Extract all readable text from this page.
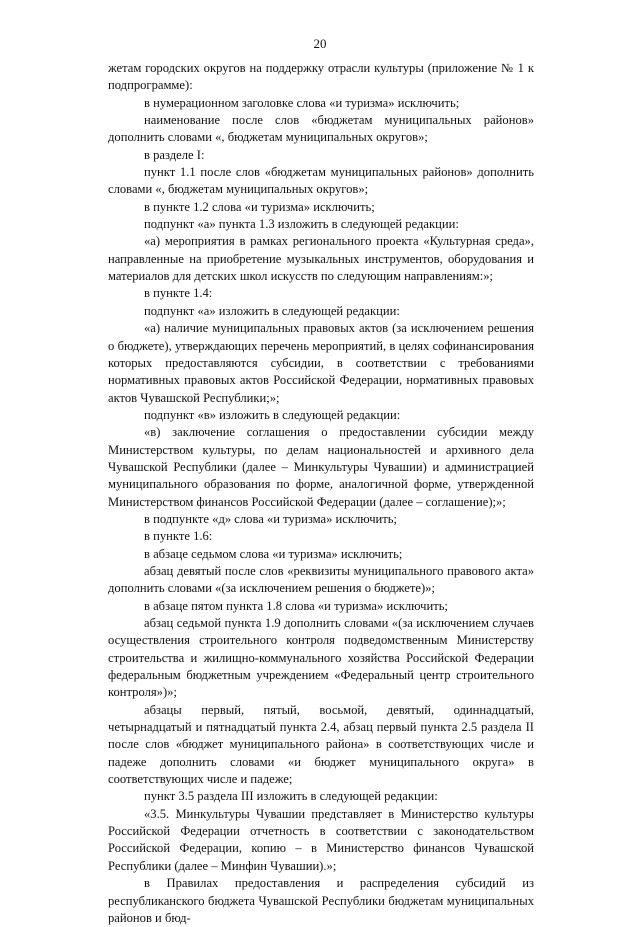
20

жетам городских округов на поддержку отрасли культуры (приложение № 1 к подпрограмме):

в нумерационном заголовке слова «и туризма» исключить;

наименование после слов «бюджетам муниципальных районов» дополнить словами «, бюджетам муниципальных округов»;

в разделе I:

пункт 1.1 после слов «бюджетам муниципальных районов» дополнить словами «, бюджетам муниципальных округов»;

в пункте 1.2 слова «и туризма» исключить;

подпункт «а» пункта 1.3 изложить в следующей редакции:

«а) мероприятия в рамках регионального проекта «Культурная среда», направленные на приобретение музыкальных инструментов, оборудования и материалов для детских школ искусств по следующим направлениям:»;

в пункте 1.4:

подпункт «а» изложить в следующей редакции:

«а) наличие муниципальных правовых актов (за исключением решения о бюджете), утверждающих перечень мероприятий, в целях софинансирования которых предоставляются субсидии, в соответствии с требованиями нормативных правовых актов Российской Федерации, нормативных правовых актов Чувашской Республики;»;

подпункт «в» изложить в следующей редакции:

«в) заключение соглашения о предоставлении субсидии между Министерством культуры, по делам национальностей и архивного дела Чувашской Республики (далее – Минкультуры Чувашии) и администрацией муниципального образования по форме, аналогичной форме, утвержденной Министерством финансов Российской Федерации (далее – соглашение);»;

в подпункте «д» слова «и туризма» исключить;

в пункте 1.6:

в абзаце седьмом слова «и туризма» исключить;

абзац девятый после слов «реквизиты муниципального правового акта» дополнить словами «(за исключением решения о бюджете)»;

в абзаце пятом пункта 1.8 слова «и туризма» исключить;

абзац седьмой пункта 1.9 дополнить словами «(за исключением случаев осуществления строительного контроля подведомственным Министерству строительства и жилищно-коммунального хозяйства Российской Федерации федеральным бюджетным учреждением «Федеральный центр строительного контроля»)»;

абзацы первый, пятый, восьмой, девятый, одиннадцатый, четырнадцатый и пятнадцатый пункта 2.4, абзац первый пункта 2.5 раздела II после слов «бюджет муниципального района» в соответствующих числе и падеже дополнить словами «и бюджет муниципального округа» в соответствующих числе и падеже;

пункт 3.5 раздела III изложить в следующей редакции:

«3.5. Минкультуры Чувашии представляет в Министерство культуры Российской Федерации отчетность в соответствии с законодательством Российской Федерации, копию – в Министерство финансов Чувашской Республики (далее – Минфин Чувашии).»;

в Правилах предоставления и распределения субсидий из республиканского бюджета Чувашской Республики бюджетам муниципальных районов и бюд-
